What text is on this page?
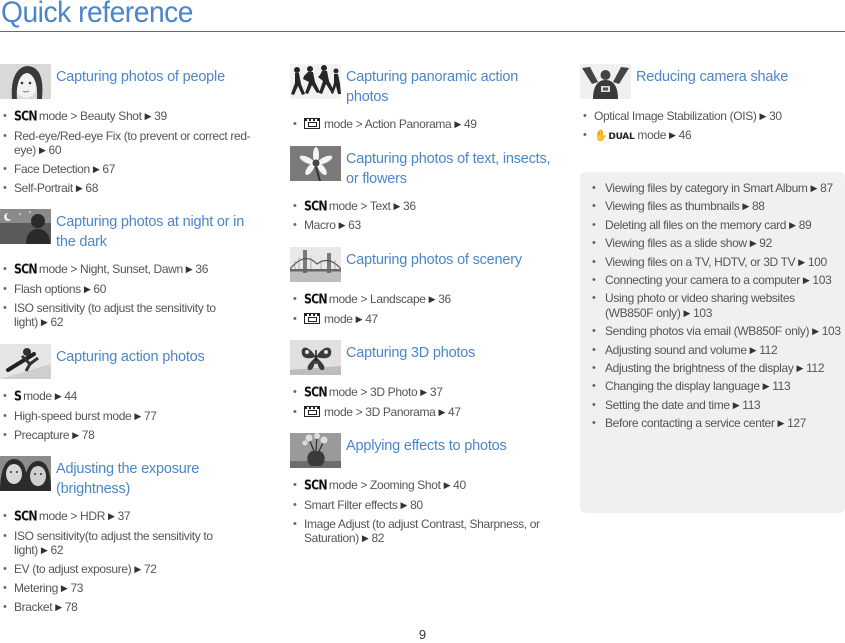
Quick reference
Capturing photos of people
• SCN mode > Beauty Shot ▶ 39
• Red-eye/Red-eye Fix (to prevent or correct red-eye) ▶ 60
• Face Detection ▶ 67
• Self-Portrait ▶ 68
Capturing photos at night or in the dark
• SCN mode > Night, Sunset, Dawn ▶ 36
• Flash options ▶ 60
• ISO sensitivity (to adjust the sensitivity to light) ▶ 62
Capturing action photos
• S mode ▶ 44
• High-speed burst mode ▶ 77
• Precapture ▶ 78
Adjusting the exposure (brightness)
• SCN mode > HDR ▶ 37
• ISO sensitivity(to adjust the sensitivity to light) ▶ 62
• EV (to adjust exposure) ▶ 72
• Metering ▶ 73
• Bracket ▶ 78
Capturing panoramic action photos
• mode > Action Panorama ▶ 49
Capturing photos of text, insects, or flowers
• SCN mode > Text ▶ 36
• Macro ▶ 63
Capturing photos of scenery
• SCN mode > Landscape ▶ 36
• mode ▶ 47
Capturing 3D photos
• SCN mode > 3D Photo ▶ 37
• mode > 3D Panorama ▶ 47
Applying effects to photos
• SCN mode > Zooming Shot ▶ 40
• Smart Filter effects ▶ 80
• Image Adjust (to adjust Contrast, Sharpness, or Saturation) ▶ 82
Reducing camera shake
• Optical Image Stabilization (OIS) ▶ 30
• ✋DUAL mode ▶ 46
• Viewing files by category in Smart Album ▶ 87
• Viewing files as thumbnails ▶ 88
• Deleting all files on the memory card ▶ 89
• Viewing files as a slide show ▶ 92
• Viewing files on a TV, HDTV, or 3D TV ▶ 100
• Connecting your camera to a computer ▶ 103
• Using photo or video sharing websites (WB850F only) ▶ 103
• Sending photos via email (WB850F only) ▶ 103
• Adjusting sound and volume ▶ 112
• Adjusting the brightness of the display ▶ 112
• Changing the display language ▶ 113
• Setting the date and time ▶ 113
• Before contacting a service center ▶ 127
9
